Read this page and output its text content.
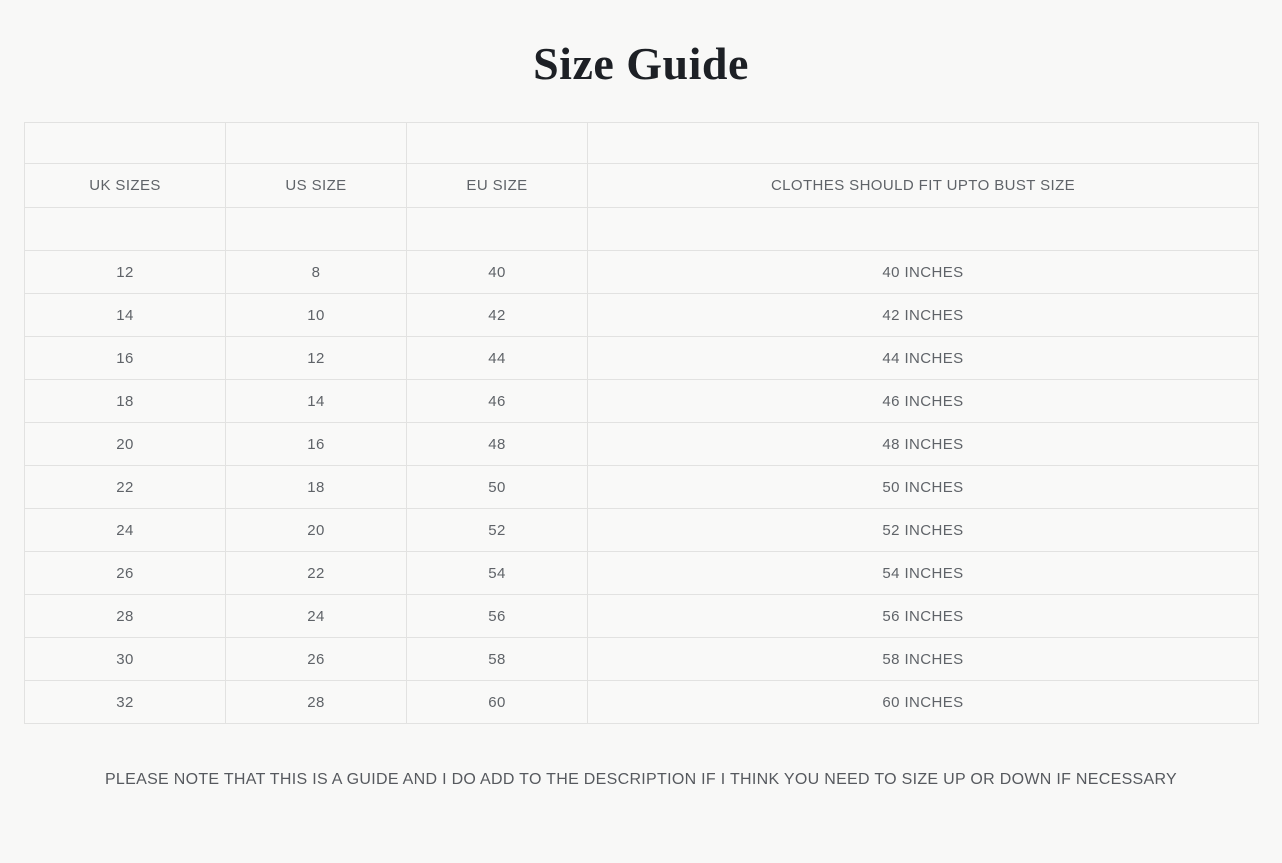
Size Guide

UK SIZES	US SIZE	EU SIZE	CLOTHES SHOULD FIT UPTO BUST SIZE

12	8	40	40 INCHES
14	10	42	42 INCHES
16	12	44	44 INCHES
18	14	46	46 INCHES
20	16	48	48 INCHES
22	18	50	50 INCHES
24	20	52	52 INCHES
26	22	54	54 INCHES
28	24	56	56 INCHES
30	26	58	58 INCHES
32	28	60	60 INCHES

PLEASE NOTE THAT THIS IS A GUIDE AND I DO ADD TO THE DESCRIPTION IF I THINK YOU NEED TO SIZE UP OR DOWN IF NECESSARY
